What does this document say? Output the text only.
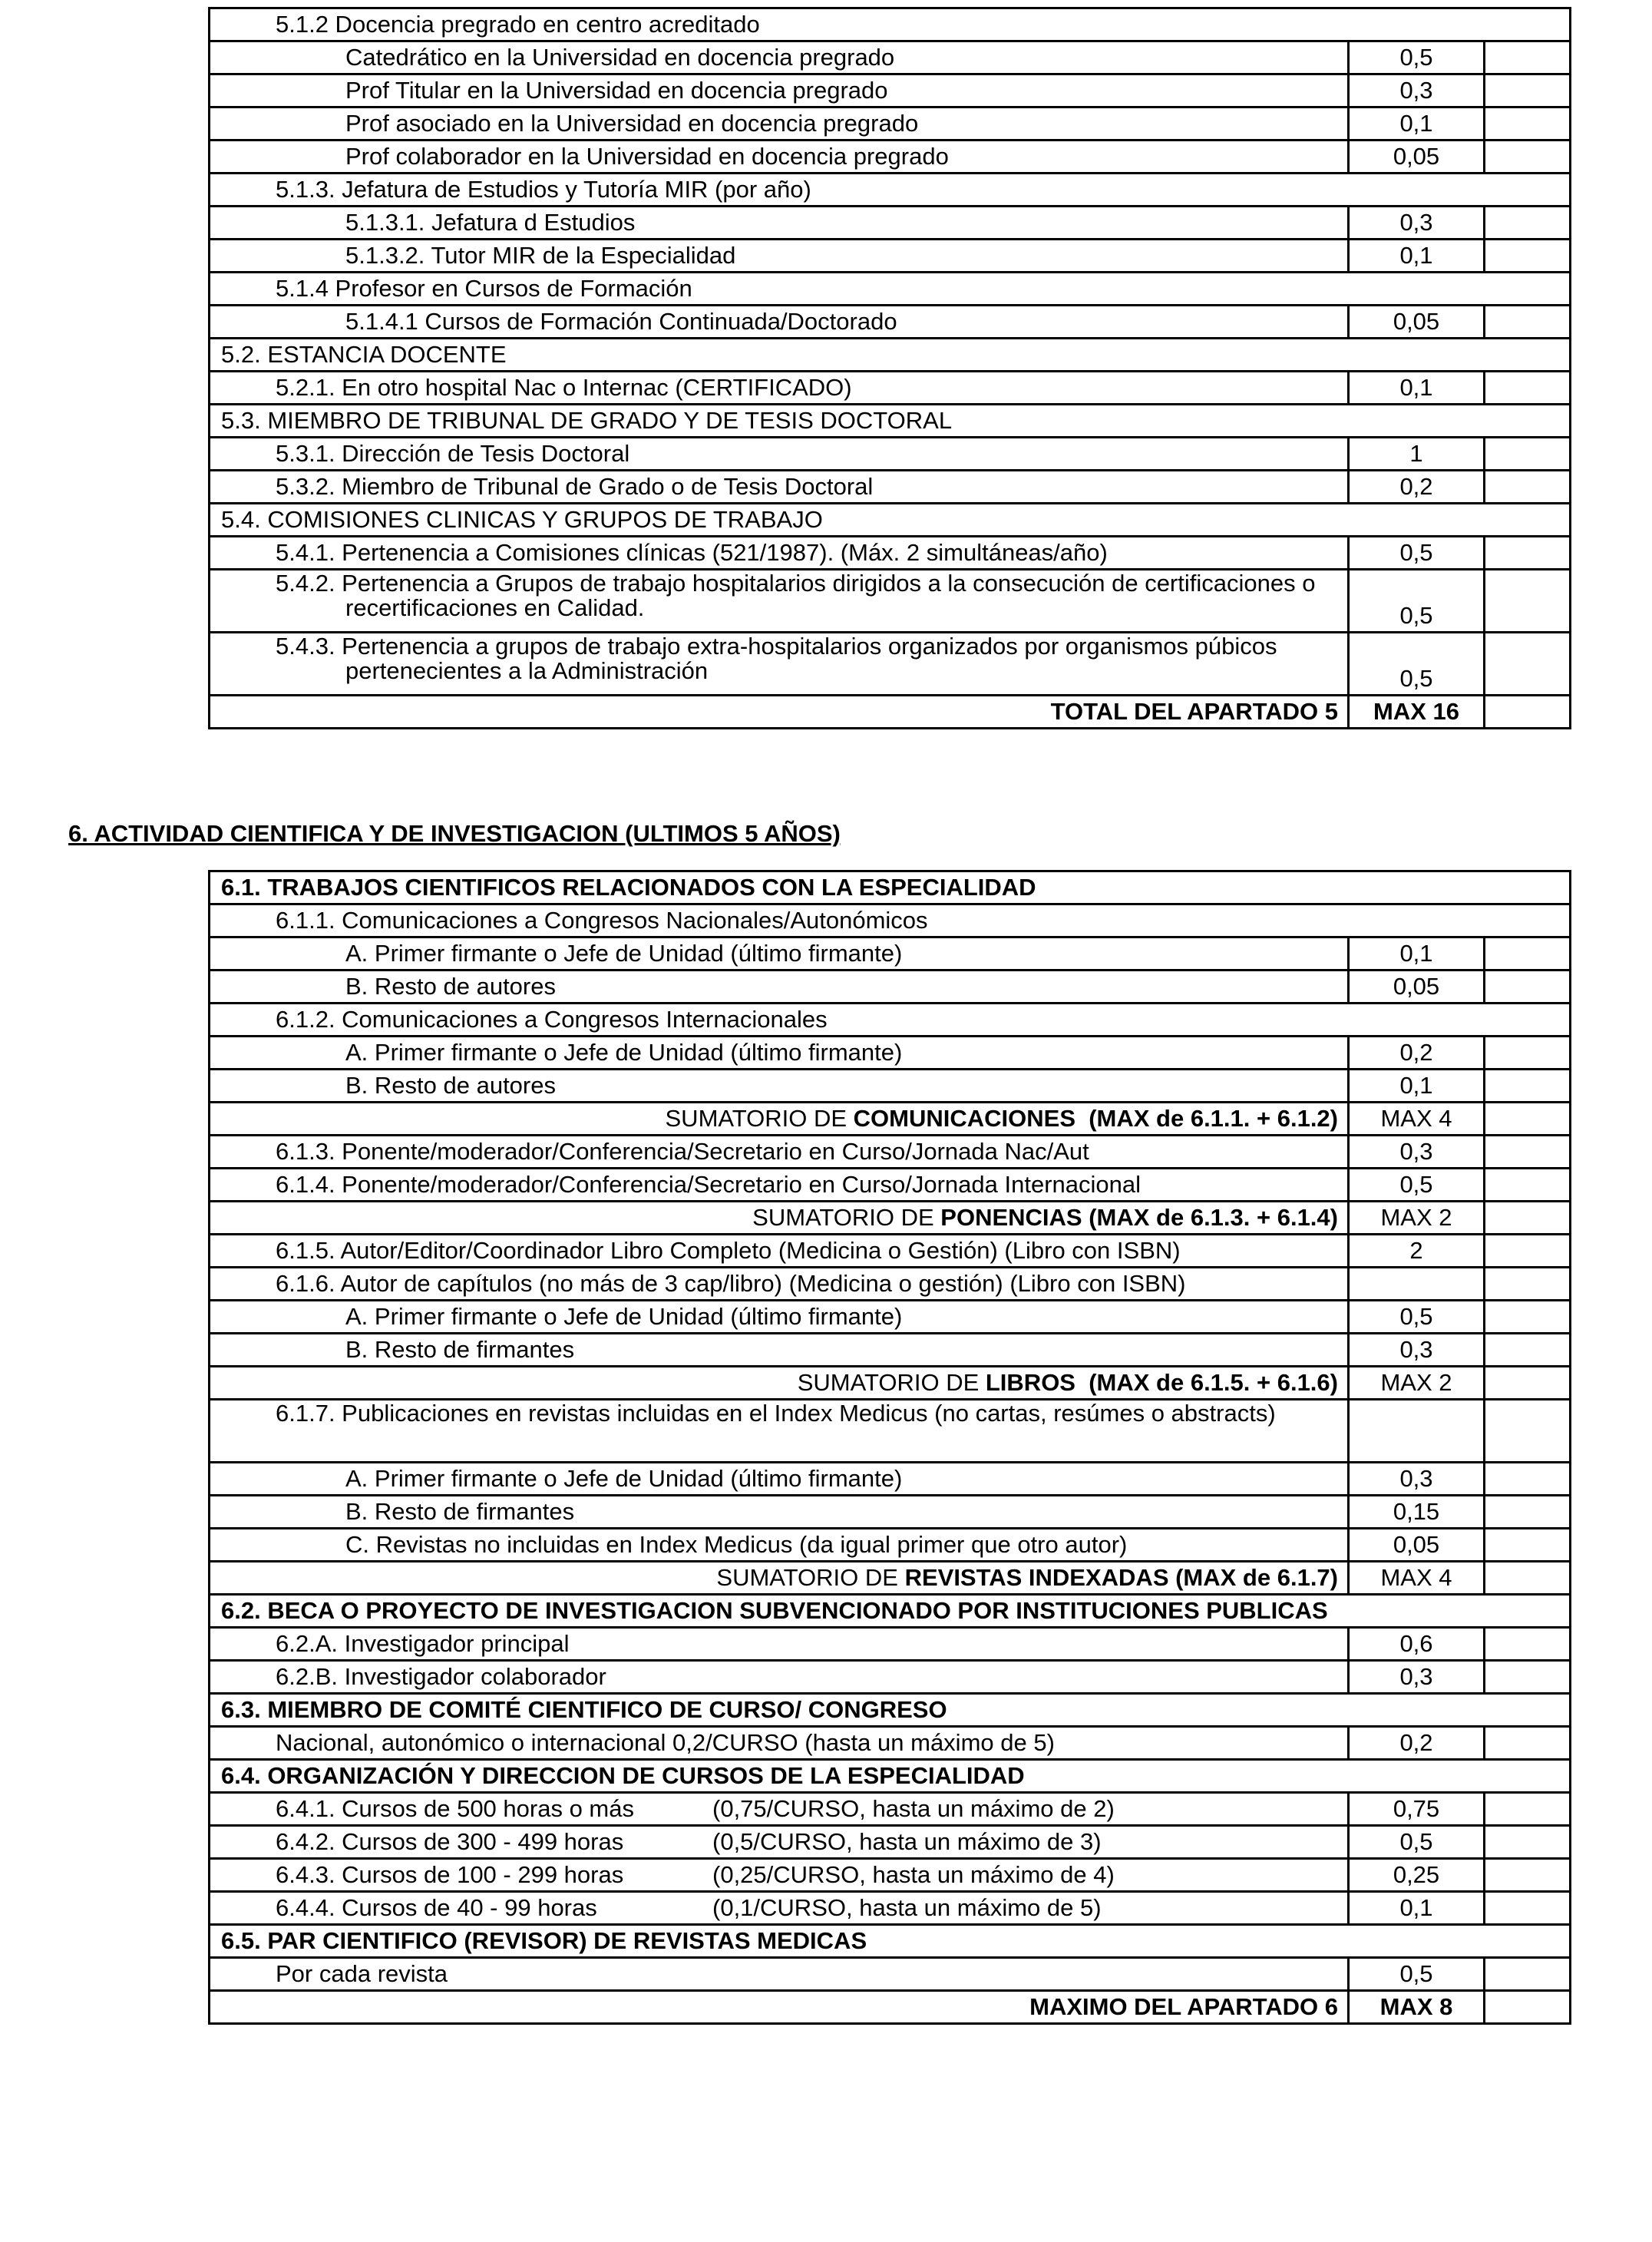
5.1.2 Docencia pregrado en centro acreditado		
Catedrático en la Universidad en docencia pregrado	0,5	
Prof Titular en la Universidad en docencia pregrado	0,3	
Prof asociado en la Universidad en docencia pregrado	0,1	
Prof colaborador en la Universidad en docencia pregrado	0,05	
5.1.3. Jefatura de Estudios y Tutoría MIR (por año)		
5.1.3.1. Jefatura d Estudios	0,3	
5.1.3.2. Tutor MIR de la Especialidad	0,1	
5.1.4 Profesor en Cursos de Formación		
5.1.4.1 Cursos de Formación Continuada/Doctorado	0,05	
5.2. ESTANCIA DOCENTE		
5.2.1. En otro hospital Nac o Internac (CERTIFICADO)	0,1	
5.3. MIEMBRO DE TRIBUNAL DE GRADO Y DE TESIS DOCTORAL		
5.3.1. Dirección de Tesis Doctoral	1	
5.3.2. Miembro de Tribunal de Grado o de Tesis Doctoral	0,2	
5.4. COMISIONES CLINICAS Y GRUPOS DE TRABAJO		
5.4.1. Pertenencia a Comisiones clínicas (521/1987). (Máx. 2 simultáneas/año)	0,5	

5.4.2. Pertenencia a Grupos de trabajo hospitalarios dirigidos a la consecución de certificaciones o recertificaciones en Calidad.	0,5	

5.4.3. Pertenencia a grupos de trabajo extra-hospitalarios organizados por organismos púbicos pertenecientes a la Administración	0,5	
TOTAL DEL APARTADO 5	MAX 16	
6. ACTIVIDAD CIENTIFICA Y DE INVESTIGACION (ULTIMOS 5 AÑOS)
6.1. TRABAJOS CIENTIFICOS RELACIONADOS CON LA ESPECIALIDAD		
6.1.1. Comunicaciones a Congresos Nacionales/Autonómicos		
A. Primer firmante o Jefe de Unidad (último firmante)	0,1	
B. Resto de autores	0,05	
6.1.2. Comunicaciones a Congresos Internacionales		
A. Primer firmante o Jefe de Unidad (último firmante)	0,2	
B. Resto de autores	0,1	
SUMATORIO DE COMUNICACIONES  (MAX de 6.1.1. + 6.1.2)	MAX 4	
6.1.3. Ponente/moderador/Conferencia/Secretario en Curso/Jornada Nac/Aut	0,3	
6.1.4. Ponente/moderador/Conferencia/Secretario en Curso/Jornada Internacional	0,5	
SUMATORIO DE PONENCIAS (MAX de 6.1.3. + 6.1.4)	MAX 2	
6.1.5. Autor/Editor/Coordinador Libro Completo (Medicina o Gestión) (Libro con ISBN)	2	
6.1.6. Autor de capítulos (no más de 3 cap/libro) (Medicina o gestión) (Libro con ISBN)		
A. Primer firmante o Jefe de Unidad (último firmante)	0,5	
B. Resto de firmantes	0,3	
SUMATORIO DE LIBROS  (MAX de 6.1.5. + 6.1.6)	MAX 2	

6.1.7. Publicaciones en revistas incluidas en el Index Medicus (no cartas, resúmes o abstracts)		

A. Primer firmante o Jefe de Unidad (último firmante)	0,3	
B. Resto de firmantes	0,15	
C. Revistas no incluidas en Index Medicus (da igual primer que otro autor)	0,05	
SUMATORIO DE REVISTAS INDEXADAS (MAX de 6.1.7)	MAX 4	
6.2. BECA O PROYECTO DE INVESTIGACION SUBVENCIONADO POR INSTITUCIONES PUBLICAS		
6.2.A. Investigador principal	0,6	
6.2.B. Investigador colaborador	0,3	
6.3. MIEMBRO DE COMITÉ CIENTIFICO DE CURSO/ CONGRESO		
Nacional, autonómico o internacional 0,2/CURSO (hasta un máximo de 5)	0,2	
6.4. ORGANIZACIÓN Y DIRECCION DE CURSOS DE LA ESPECIALIDAD		
6.4.1. Cursos de 500 horas o más (0,75/CURSO, hasta un máximo de 2)	0,75	
6.4.2. Cursos de 300 - 499 horas (0,5/CURSO, hasta un máximo de 3)	0,5	
6.4.3. Cursos de 100 - 299 horas (0,25/CURSO, hasta un máximo de 4)	0,25	
6.4.4. Cursos de 40 - 99 horas (0,1/CURSO, hasta un máximo de 5)	0,1	
6.5. PAR CIENTIFICO (REVISOR) DE REVISTAS MEDICAS		
Por cada revista	0,5	
MAXIMO DEL APARTADO 6	MAX 8	
